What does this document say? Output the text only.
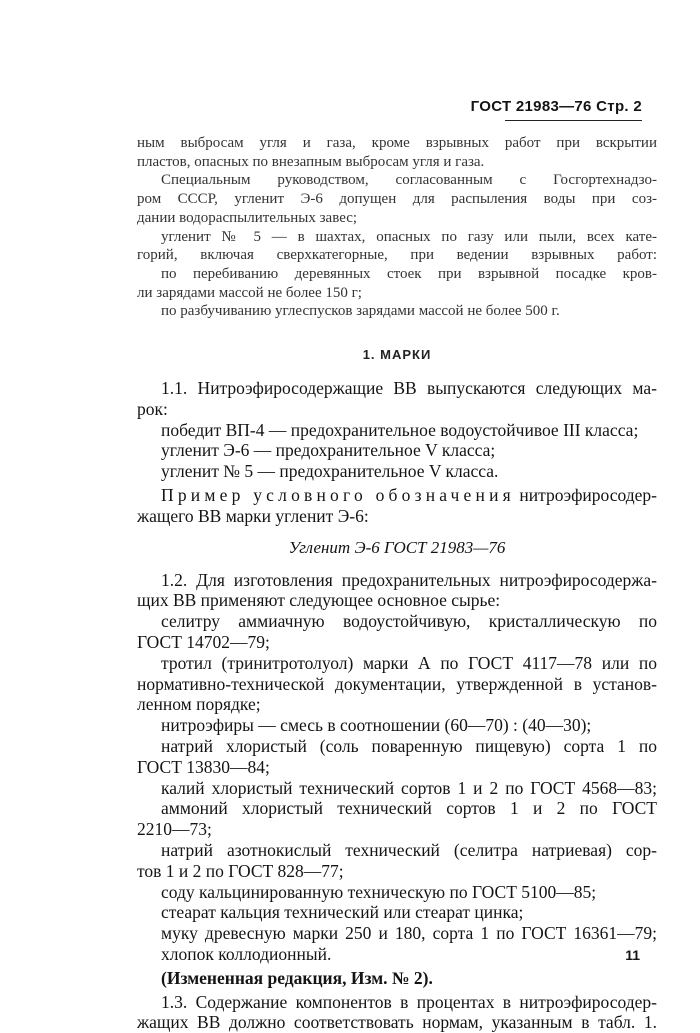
ГОСТ 21983—76 Стр. 2

ным выбросам угля и газа, кроме взрывных работ при вскрытии

пластов, опасных по внезапным выбросам угля и газа.

Специальным руководством, согласованным с Госгортехнадзо-

ром СССР, угленит Э-6 допущен для распыления воды при соз-

дании водораспылительных завес;

угленит № 5 — в шахтах, опасных по газу или пыли, всех кате-

горий, включая сверхкатегорные, при ведении взрывных работ:

по перебиванию деревянных стоек при взрывной посадке кров-

ли зарядами массой не более 150 г;

по разбучиванию углеспусков зарядами массой не более 500 г.

1. МАРКИ

1.1. Нитроэфиросодержащие ВВ выпускаются следующих ма-

рок:

победит ВП-4 — предохранительное водоустойчивое III класса;

угленит Э-6 — предохранительное V класса;

угленит № 5 — предохранительное V класса.

Пример условного обозначения нитроэфиросодер-

жащего ВВ марки угленит Э-6:

Угленит Э-6 ГОСТ 21983—76

1.2. Для изготовления предохранительных нитроэфиросодержа-

щих ВВ применяют следующее основное сырье:

селитру аммиачную водоустойчивую, кристаллическую по

ГОСТ 14702—79;

тротил (тринитротолуол) марки А по ГОСТ 4117—78 или по

нормативно-технической документации, утвержденной в установ-

ленном порядке;

нитроэфиры — смесь в соотношении (60—70) : (40—30);

натрий хлористый (соль поваренную пищевую) сорта 1 по

ГОСТ 13830—84;

калий хлористый технический сортов 1 и 2 по ГОСТ 4568—83;

аммоний хлористый технический сортов 1 и 2 по ГОСТ

2210—73;

натрий азотнокислый технический (селитра натриевая) сор-

тов 1 и 2 по ГОСТ 828—77;

соду кальцинированную техническую по ГОСТ 5100—85;

стеарат кальция технический или стеарат цинка;

муку древесную марки 250 и 180, сорта 1 по ГОСТ 16361—79;

хлопок коллодионный.

(Измененная редакция, Изм. № 2).

1.3. Содержание компонентов в процентах в нитроэфиросодер-

жащих ВВ должно соответствовать нормам, указанным в табл. 1.

11
